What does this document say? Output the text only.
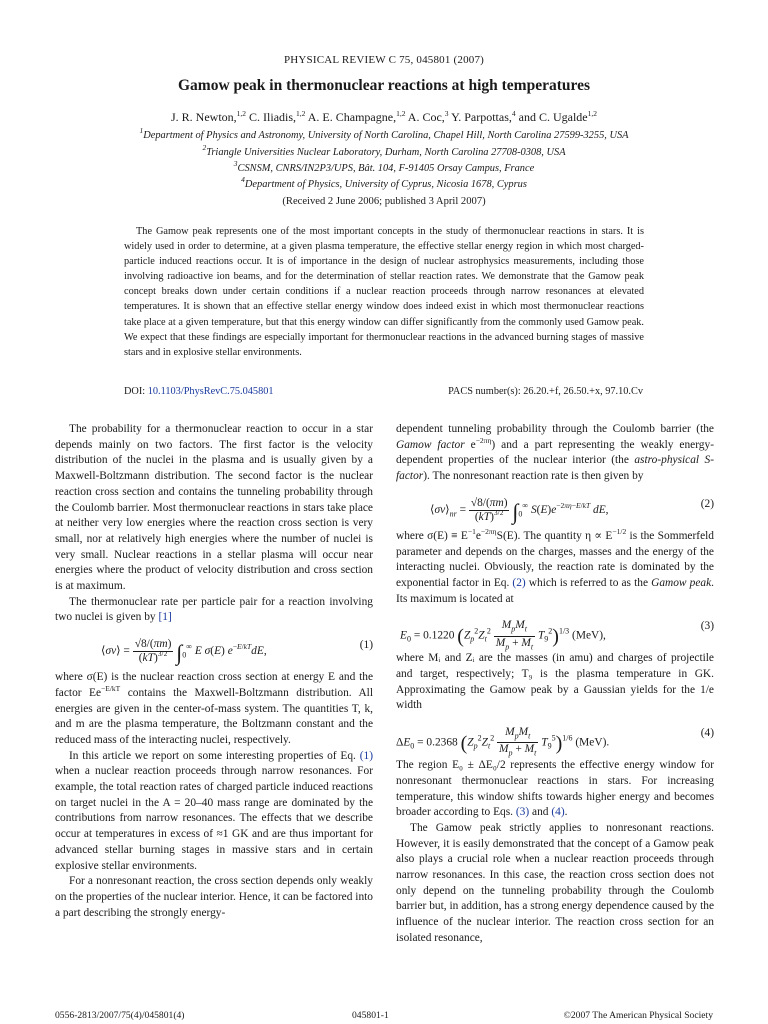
PHYSICAL REVIEW C 75, 045801 (2007)
Gamow peak in thermonuclear reactions at high temperatures
J. R. Newton,$^{1,2}$ C. Iliadis,$^{1,2}$ A. E. Champagne,$^{1,2}$ A. Coc,$^3$ Y. Parpottas,$^4$ and C. Ugalde$^{1,2}$
$^1$Department of Physics and Astronomy, University of North Carolina, Chapel Hill, North Carolina 27599-3255, USA
$^2$Triangle Universities Nuclear Laboratory, Durham, North Carolina 27708-0308, USA
$^3$CSNSM, CNRS/IN2P3/UPS, Bât. 104, F-91405 Orsay Campus, France
$^4$Department of Physics, University of Cyprus, Nicosia 1678, Cyprus
(Received 2 June 2006; published 3 April 2007)

The Gamow peak represents one of the most important concepts in the study of thermonuclear reactions in stars. It is widely used in order to determine, at a given plasma temperature, the effective stellar energy region in which most charged-particle induced reactions occur. It is of importance in the design of nuclear astrophysics measurements, including those involving radioactive ion beams, and for the determination of stellar reaction rates. We demonstrate that the Gamow peak concept breaks down under certain conditions if a nuclear reaction proceeds through narrow resonances at elevated temperatures. It is shown that an effective stellar energy window does indeed exist in which most thermonuclear reactions take place at a given temperature, but that this energy window can differ significantly from the commonly used Gamow peak. We expect that these findings are especially important for thermonuclear reactions in the advanced burning stages of massive stars and in explosive stellar environments.

DOI: 10.1103/PhysRevC.75.045801	PACS number(s): 26.20.+f, 26.50.+x, 97.10.Cv

The probability for a thermonuclear reaction to occur in a star depends mainly on two factors. The first factor is the velocity distribution of the nuclei in the plasma and is usually given by a Maxwell-Boltzmann distribution. The second factor is the nuclear reaction cross section and contains the tunneling probability through the Coulomb barrier. Most thermonuclear reactions in stars take place at neither very low energies where the reaction cross section is very small, nor at relatively high energies where the number of nuclei is very small. Nuclear reactions in a stellar plasma will occur near energies where the product of velocity distribution and cross section is at maximum.

The thermonuclear rate per particle pair for a reaction involving two nuclei is given by [1]

⟨σv⟩ = $\frac{√8/(\pi m)}{(kT)^{3/2}} \int_0^\infty$ E σ(E) $e^{-E/kT}dE$,
(1)

where σ(E) is the nuclear reaction cross section at energy E and the factor $Ee^{-E/kT}$ contains the Maxwell-Boltzmann distribution. All energies are given in the center-of-mass system. The quantities T, k, and m are the plasma temperature, the Boltzmann constant and the reduced mass of the interacting nuclei, respectively.

In this article we report on some interesting properties of Eq. (1) when a nuclear reaction proceeds through narrow resonances. For example, the total reaction rates of charged particle induced reactions on target nuclei in the A = 20–40 mass range are dominated by the contributions from narrow resonances. The effects that we describe occur at temperatures in excess of ≈1 GK and are thus important for advanced stellar burning stages in massive stars and in certain explosive stellar environments.

For a nonresonant reaction, the cross section depends only weakly on the properties of the nuclear interior. Hence, it can be factored into a part describing the strongly energy-

dependent tunneling probability through the Coulomb barrier (the Gamow factor $e^{-2\pi\eta}$) and a part representing the weakly energy-dependent properties of the nuclear interior (the astro-physical S-factor). The nonresonant reaction rate is then given by

$⟨\sigma v⟩_{nr} = \frac{√8/(\pi m)}{(kT)^{3/2}} \int_0^\infty$ $S(E)e^{-2\pi\eta-E/kT}$ dE,
(2)

where $\sigma(E) \equiv E^{-1}e^{-2\pi\eta}S(E)$. The quantity $\eta \propto E^{-1/2}$ is the Sommerfeld parameter and depends on the charges, masses and the energy of the interacting nuclei. Obviously, the reaction rate is dominated by the exponential factor in Eq. (2) which is referred to as the Gamow peak. Its maximum is located at

$E_0 = 0.1220$ $(Z_p^2Z_t^2 \frac{M_pM_t}{M_p + M_t} T_9^2)^{1/3}$ (MeV),
(3)

where Mᵢ and Zᵢ are the masses (in amu) and charges of projectile and target, respectively; T₉ is the plasma temperature in GK. Approximating the Gamow peak by a Gaussian yields for the 1/e width

$\Delta E_0 = 0.2368$ $(Z_p^2Z_t^2 \frac{M_pM_t}{M_p + M_t} T_9^5)^{1/6}$ (MeV).
(4)

The region E₀ ± ΔE₀/2 represents the effective energy window for nonresonant thermonuclear reactions in stars. For increasing temperature, this window shifts towards higher energy and becomes broader according to Eqs. (3) and (4).

The Gamow peak strictly applies to nonresonant reactions. However, it is easily demonstrated that the concept of a Gamow peak also plays a crucial role when a nuclear reaction proceeds through narrow resonances. In this case, the reaction cross section does not only depend on the tunneling probability through the Coulomb barrier but, in addition, has a strong energy dependence caused by the influence of the nuclear interior. The reaction cross section for an isolated resonance,

0556-2813/2007/75(4)/045801(4)	045801-1	©2007 The American Physical Society
